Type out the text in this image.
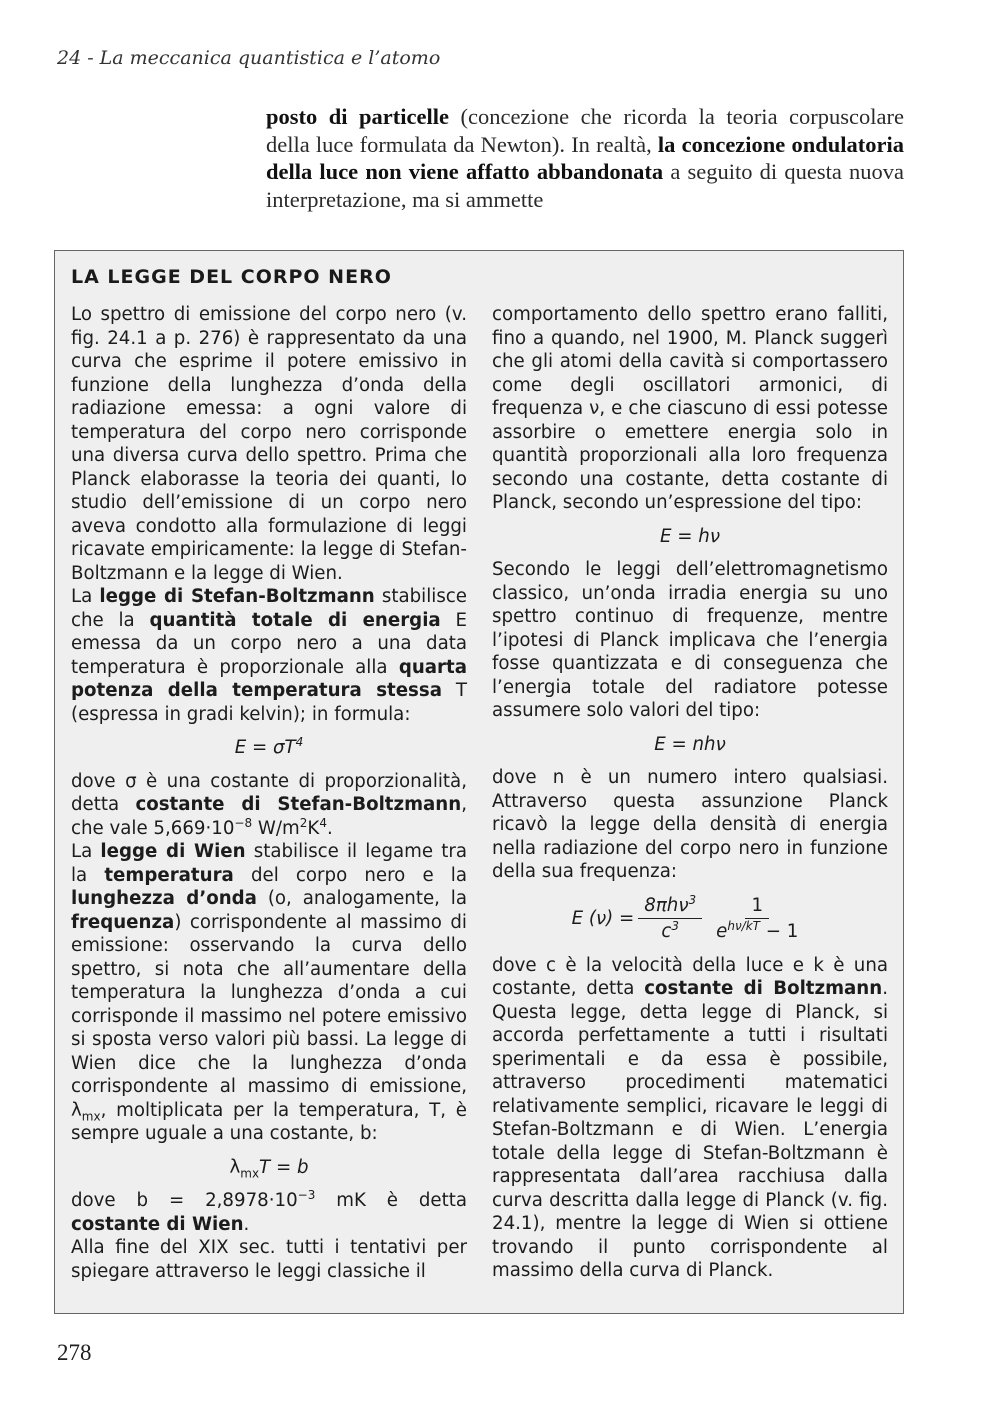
24 - La meccanica quantistica e l’atomo

posto di particelle (concezione che ricorda la teoria corpuscolare della luce formulata da Newton). In realtà, la concezione ondulatoria della luce non viene affatto abbandonata a seguito di questa nuova interpretazione, ma si ammette

LA LEGGE DEL CORPO NERO

Lo spettro di emissione del corpo nero (v. fig. 24.1 a p. 276) è rappresentato da una curva che esprime il potere emissivo in funzione della lunghezza d’onda della radiazione emessa: a ogni valore di temperatura del corpo nero corrisponde una diversa curva dello spettro. Prima che Planck elaborasse la teoria dei quanti, lo studio dell’emissione di un corpo nero aveva condotto alla formulazione di leggi ricavate empiricamente: la legge di Stefan-Boltzmann e la legge di Wien.

La legge di Stefan-Boltzmann stabilisce che la quantità totale di energia E emessa da un corpo nero a una data temperatura è proporzionale alla quarta potenza della temperatura stessa T (espressa in gradi kelvin); in formula:

$E = \sigma T^4$

dove σ è una costante di proporzionalità, detta costante di Stefan-Boltzmann, che vale $5,669\cdot 10^{-8}$ $W/m^2K^4$.

La legge di Wien stabilisce il legame tra la temperatura del corpo nero e la lunghezza d’onda (o, analogamente, la frequenza) corrispondente al massimo di emissione: osservando la curva dello spettro, si nota che all’aumentare della temperatura la lunghezza d’onda a cui corrisponde il massimo nel potere emissivo si sposta verso valori più bassi. La legge di Wien dice che la lunghezza d’onda corrispondente al massimo di emissione, $\lambda_{mx}$, moltiplicata per la temperatura, T, è sempre uguale a una costante, b:

$\lambda_{mx}T = b$

dove $b = 2,8978\cdot 10^{-3}$ mK è detta costante di Wien.

Alla fine del XIX sec. tutti i tentativi per spiegare attraverso le leggi classiche il

comportamento dello spettro erano falliti, fino a quando, nel 1900, M. Planck suggerì che gli atomi della cavità si comportassero come degli oscillatori armonici, di frequenza ν, e che ciascuno di essi potesse assorbire o emettere energia solo in quantità proporzionali alla loro frequenza secondo una costante, detta costante di Planck, secondo un’espressione del tipo:

E = hν

Secondo le leggi dell’elettromagnetismo classico, un’onda irradia energia su uno spettro continuo di frequenze, mentre l’ipotesi di Planck implicava che l’energia fosse quantizzata e di conseguenza che l’energia totale del radiatore potesse assumere solo valori del tipo:

E = nhν

dove n è un numero intero qualsiasi. Attraverso questa assunzione Planck ricavò la legge della densità di energia nella radiazione del corpo nero in funzione della sua frequenza:

E $(\nu) = \frac{8\pi h\nu^3}{c^3} \frac{1}{e^{h\nu/kT} - 1}$

dove c è la velocità della luce e k è una costante, detta costante di Boltzmann. Questa legge, detta legge di Planck, si accorda perfettamente a tutti i risultati sperimentali e da essa è possibile, attraverso procedimenti matematici relativamente semplici, ricavare le leggi di Stefan-Boltzmann e di Wien. L’energia totale della legge di Stefan-Boltzmann è rappresentata dall’area racchiusa dalla curva descritta dalla legge di Planck (v. fig. 24.1), mentre la legge di Wien si ottiene trovando il punto corrispondente al massimo della curva di Planck.

278
